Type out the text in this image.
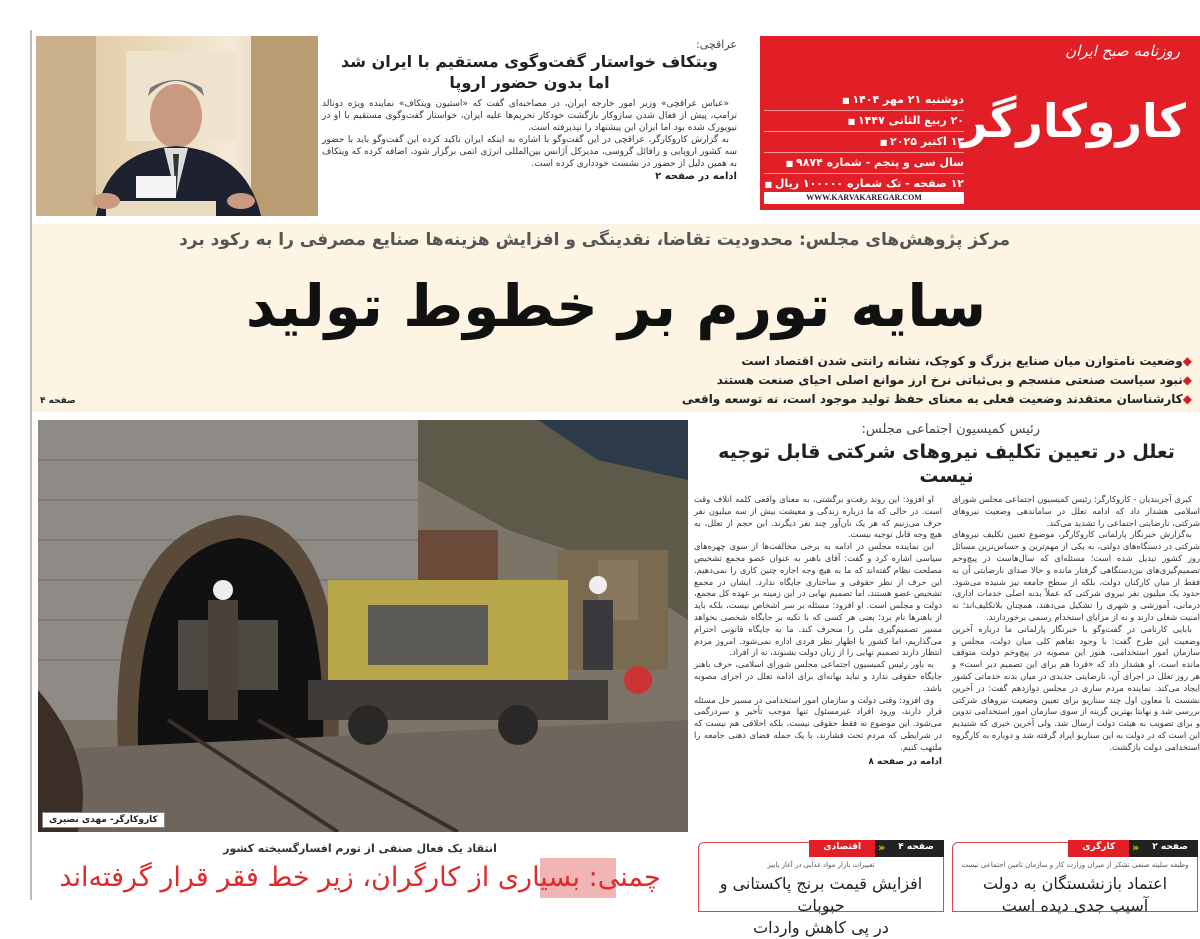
عراقچی:
ویتکاف خواستار گفت‌وگوی مستقیم با ایران شد
اما بدون حضور اروپا

«عباس عراقچی» وزیر امور خارجه ایران، در مصاحبه‌ای گفت که «استیون ویتکاف» نماینده ویژه دونالد ترامپ، پیش از فعال شدن سازوکار بازگشت خودکار تحریم‌ها علیه ایران، خواستار گفت‌وگوی مستقیم با او در نیویورک شده بود اما ایران این پیشنهاد را نپذیرفته است.

به گزارش کاروکارگر، عراقچی در این گفت‌وگو با اشاره به اینکه ایران تاکید کرده این گفت‌وگو باید با حضور سه کشور اروپایی و رافائل گروسی، مدیرکل آژانس بین‌المللی انرژی اتمی برگزار شود، اضافه کرده که ویتکاف به همین دلیل از حضور در نشست خودداری کرده است.

ادامه در صفحه ۲
روزنامه صبح ایران
کاروکارگر
دوشنبه ۲۱ مهر ۱۴۰۴ ■
۲۰ ربیع الثانی ۱۴۴۷ ■
۱۳ اکتبر ۲۰۲۵ ■
سال سی و پنجم - شماره ۹۸۷۴ ■
۱۲ صفحه - تک شماره ۱۰۰۰۰۰ ریال ■
WWW.KARVAKAREGAR.COM
مرکز پژوهش‌های مجلس: محدودیت تقاضا، نقدینگی و افزایش هزینه‌ها صنایع مصرفی را به رکود برد
سایه تورم بر خطوط تولید
◆وضعیت نامتوازن میان صنایع بزرگ و کوچک، نشانه رانتی شدن اقتصاد است
◆نبود سیاست صنعتی منسجم و بی‌ثباتی نرخ ارز موانع اصلی احیای صنعت هستند
◆کارشناسان معتقدند وضعیت فعلی به معنای حفظ تولید موجود است، نه توسعه واقعی
صفحه ۴
کاروکارگر- مهدی نصیری
رئیس کمیسیون اجتماعی مجلس:
تعلل در تعیین تکلیف نیروهای شرکتی قابل توجیه نیست

کبری آجربندیان - کاروکارگر: رئیس کمیسیون اجتماعی مجلس شورای اسلامی هشدار داد که ادامه تعلل در ساماندهی وضعیت نیروهای شرکتی، نارضایتی اجتماعی را تشدید می‌کند.

به‌گزارش خبرنگار پارلمانی کاروکارگر، موضوع تعیین تکلیف نیروهای شرکتی در دستگاه‌های دولتی، به یکی از مهم‌ترین و حساس‌ترین مسائل روز کشور تبدیل شده است؛ مسئله‌ای که سال‌هاست در پیچ‌وخم تصمیم‌گیری‌های بین‌دستگاهی گرفتار مانده و حالا صدای نارضایتی آن نه فقط از میان کارکنان دولت، بلکه از سطح جامعه نیز شنیده می‌شود. حدود یک میلیون نفر نیروی شرکتی که عملاً بدنه اصلی خدمات اداری، درمانی، آموزشی و شهری را تشکیل می‌دهند، همچنان بلاتکلیف‌اند؛ نه امنیت شغلی دارند و نه از مزایای استخدام رسمی برخوردارند.

بابایی کارنامی در گفت‌وگو با خبرنگار پارلمانی ما درباره آخرین وضعیت این طرح گفت: با وجود تفاهم کلی میان دولت، مجلس و سازمان امور استخدامی، هنوز این مصوبه در پیچ‌وخم دولت متوقف مانده است. او هشدار داد که «فردا هم برای این تصمیم دیر است» و هر روز تعلل در اجرای آن، نارضایتی جدیدی در میان بدنه خدماتی کشور ایجاد می‌کند. نماینده مردم ساری در مجلس دوازدهم گفت: در آخرین نشست با معاون اول چند سناریو برای تعیین وضعیت نیروهای شرکتی بررسی شد و نهایتا بهترین گزینه از سوی سازمان امور استخدامی تدوین و برای تصویب به هیئت دولت ارسال شد. ولی آخرین خبری که شنیدیم این است که در دولت به این سناریو ایراد گرفته شد و دوباره به کارگروه استخدامی دولت بازگشت.

او افزود: این روند رفت‌و برگشتی، به معنای واقعی کلمه اتلاف وقت است. در حالی که ما درباره زندگی و معیشت بیش از سه میلیون نفر حرف می‌زنیم که هر یک نان‌آور چند نفر دیگرند. این حجم از تعلل، به هیچ وجه قابل توجیه نیست.

این نماینده مجلس در ادامه به برخی مخالفت‌ها از سوی چهره‌های سیاسی اشاره کرد و گفت: آقای باهنر به عنوان عضو مجمع تشخیص مصلحت نظام گفته‌اند که ما به هیچ وجه اجازه چنین کاری را نمی‌دهیم. این حرف از نظر حقوقی و ساختاری جایگاه ندارد. ایشان در مجمع تشخیص عضو هستند، اما تصمیم نهایی در این زمینه بر عهده کل مجمع، دولت و مجلس است. او افزود: مسئله بر سر اشخاص نیست، بلکه باید از باهنرها نام برد؛ یعنی هر کسی که با تکیه بر جایگاه شخصی بخواهد مسیر تصمیم‌گیری ملی را منحرف کند. ما به جایگاه قانونی احترام می‌گذاریم، اما کشور با اظهار نظر فردی اداره نمی‌شود. امروز مردم انتظار دارند تصمیم نهایی را از زبان دولت بشنوند، نه از افراد.

به باور رئیس کمیسیون اجتماعی مجلس شورای اسلامی، حرف باهنر جایگاه حقوقی ندارد و نباید بهانه‌ای برای ادامه تعلل در اجرای مصوبه باشد.

وی افزود: وقتی دولت و سازمان امور استخدامی در مسیر حل مسئله قرار دارند، ورود افراد غیرمسئول تنها موجب تأخیر و سردرگمی می‌شود. این موضوع نه فقط حقوقی نیست، بلکه اخلاقی هم نیست که در شرایطی که مردم تحت فشارند، با یک جمله فضای ذهنی جامعه را ملتهب کنیم.

ادامه در صفحه ۸
کارگری	«	صفحه ۲
وظیفه سلیته صنفی تشکر از میران وزارت کار و سازمان تامین اجتماعی نیست
اعتماد بازنشستگان به دولت
آسیب جدی دیده است
اقتصادی	«	صفحه ۴
تغییرات بازار مواد غذایی در آغاز پاییز
افزایش قیمت برنج پاکستانی و حبوبات
در پی کاهش واردات
انتقاد یک فعال صنفی از تورم افسارگسیخته کشور
چمنی: بسیاری از کارگران، زیر خط فقر قرار گرفته‌اند
